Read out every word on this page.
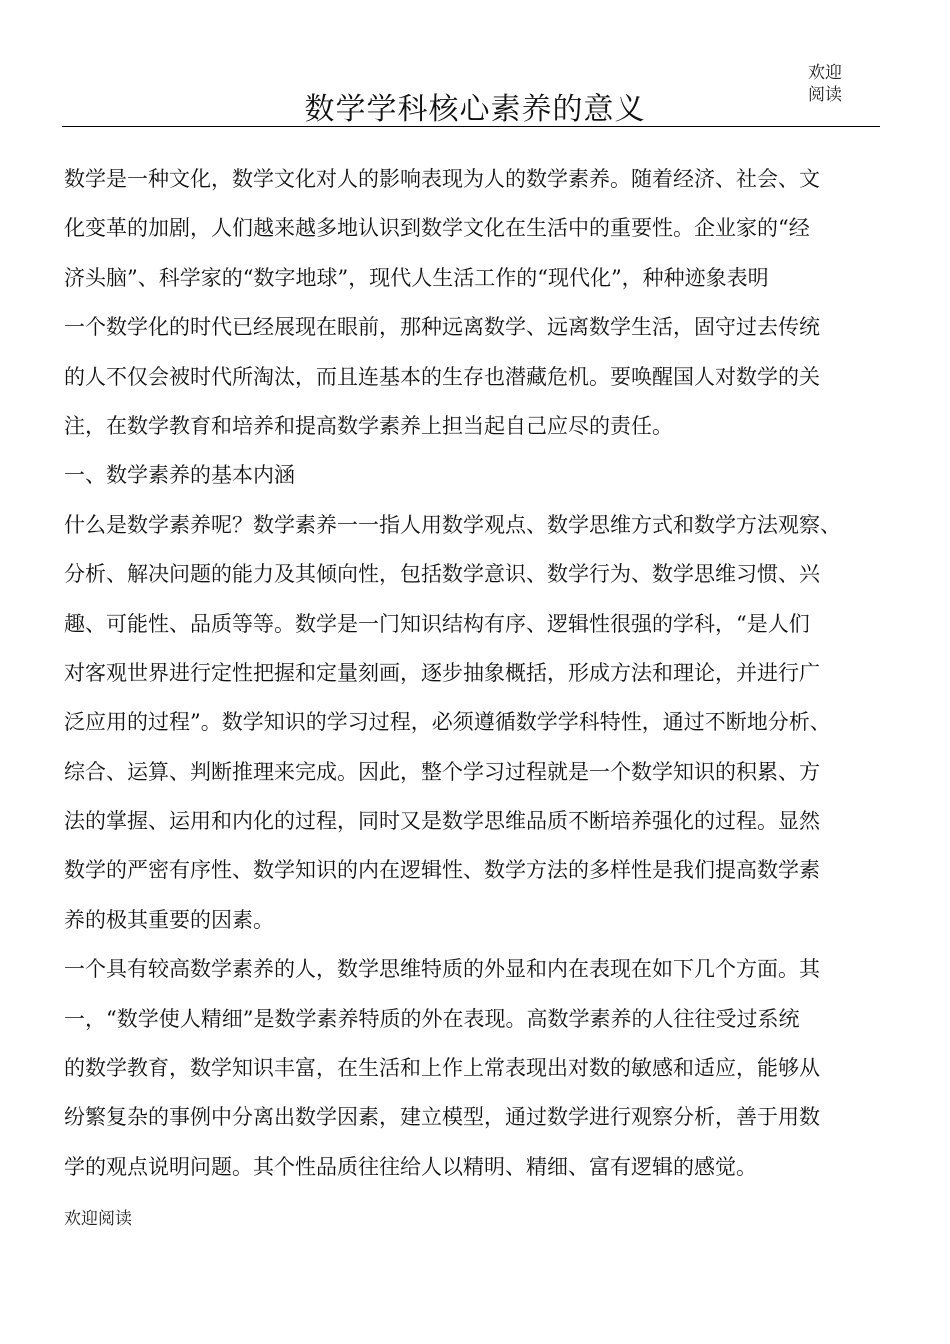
欢迎
阅读
数学学科核心素养的意义
数学是一种文化，数学文化对人的影响表现为人的数学素养。随着经济、社会、文
化变革的加剧，人们越来越多地认识到数学文化在生活中的重要性。企业家的“经
济头脑”、科学家的“数字地球”，现代人生活工作的“现代化”，种种迹象表明
一个数学化的时代已经展现在眼前，那种远离数学、远离数学生活，固守过去传统
的人不仅会被时代所淘汰，而且连基本的生存也潜藏危机。要唤醒国人对数学的关
注，在数学教育和培养和提高数学素养上担当起自己应尽的责任。
一、数学素养的基本内涵
什么是数学素养呢？数学素养一一指人用数学观点、数学思维方式和数学方法观察、
分析、解决问题的能力及其倾向性，包括数学意识、数学行为、数学思维习惯、兴
趣、可能性、品质等等。数学是一门知识结构有序、逻辑性很强的学科，“是人们
对客观世界进行定性把握和定量刻画，逐步抽象概括，形成方法和理论，并进行广
泛应用的过程”。数学知识的学习过程，必须遵循数学学科特性，通过不断地分析、
综合、运算、判断推理来完成。因此，整个学习过程就是一个数学知识的积累、方
法的掌握、运用和内化的过程，同时又是数学思维品质不断培养强化的过程。显然
数学的严密有序性、数学知识的内在逻辑性、数学方法的多样性是我们提高数学素
养的极其重要的因素。
一个具有较高数学素养的人，数学思维特质的外显和内在表现在如下几个方面。其
一，“数学使人精细”是数学素养特质的外在表现。高数学素养的人往往受过系统
的数学教育，数学知识丰富，在生活和上作上常表现出对数的敏感和适应，能够从
纷繁复杂的事例中分离出数学因素，建立模型，通过数学进行观察分析，善于用数
学的观点说明问题。其个性品质往往给人以精明、精细、富有逻辑的感觉。
欢迎阅读
